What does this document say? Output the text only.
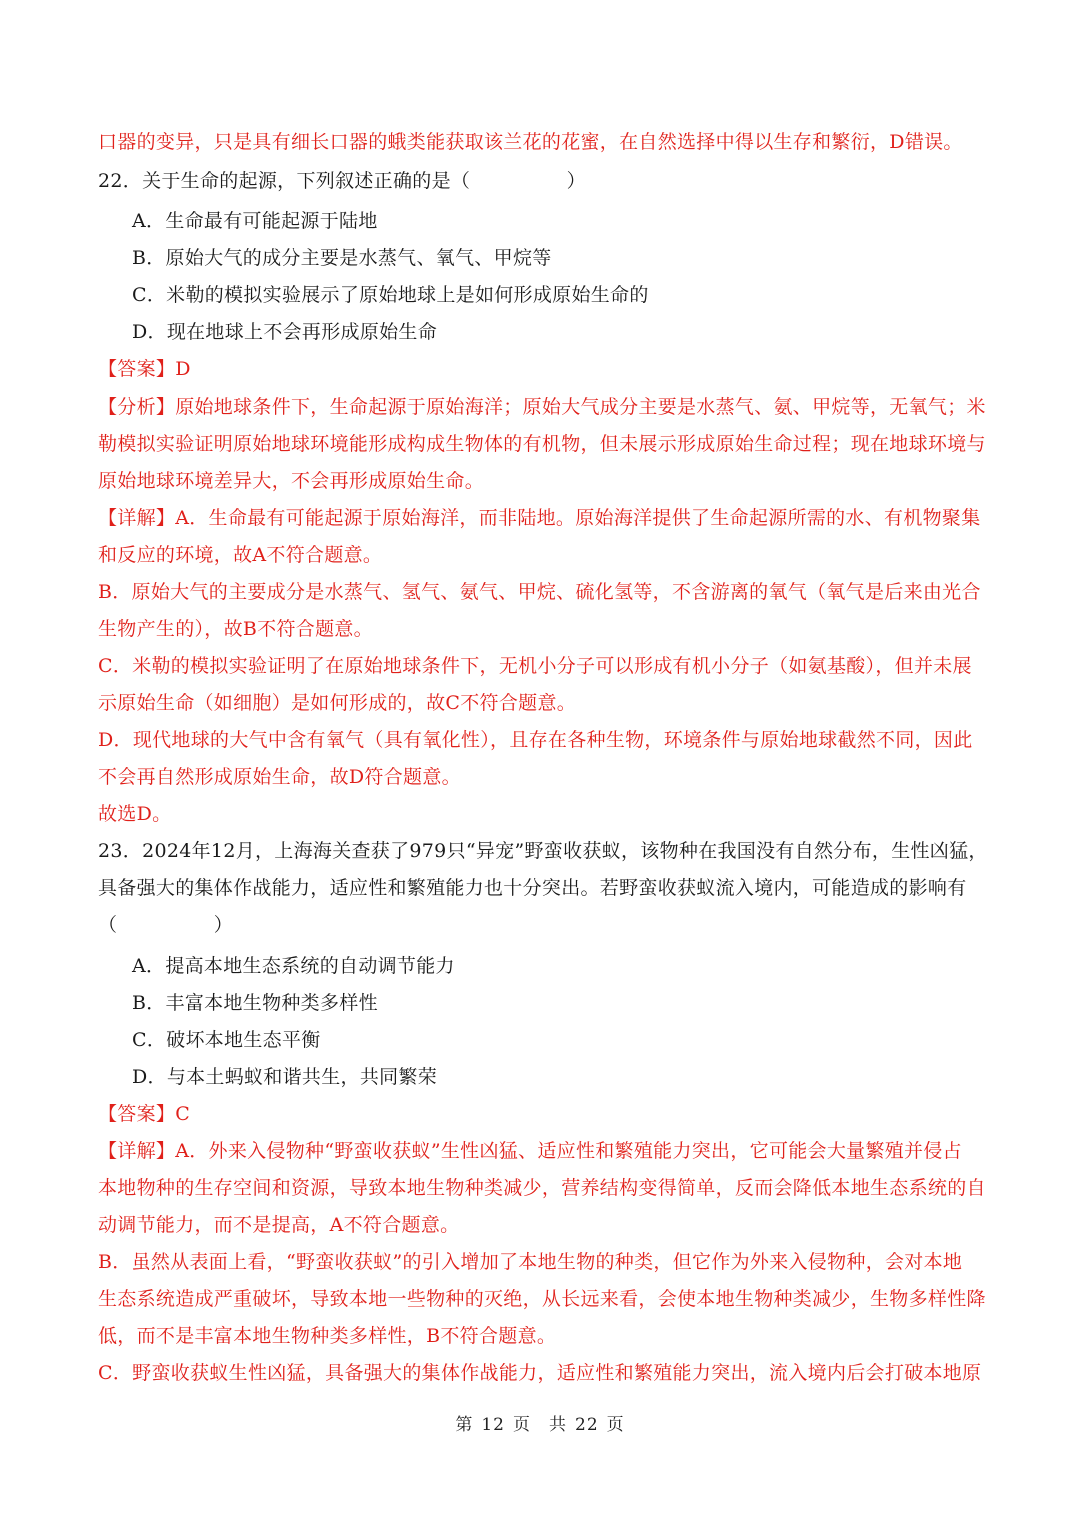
口器的变异，只是具有细长口器的蛾类能获取该兰花的花蜜，在自然选择中得以生存和繁衍，D错误。
22．关于生命的起源，下列叙述正确的是（　　　　　）
A．生命最有可能起源于陆地
B．原始大气的成分主要是水蒸气、氧气、甲烷等
C．米勒的模拟实验展示了原始地球上是如何形成原始生命的
D．现在地球上不会再形成原始生命
【答案】D
【分析】原始地球条件下，生命起源于原始海洋；原始大气成分主要是水蒸气、氨、甲烷等，无氧气；米
勒模拟实验证明原始地球环境能形成构成生物体的有机物，但未展示形成原始生命过程；现在地球环境与
原始地球环境差异大，不会再形成原始生命。
【详解】A．生命最有可能起源于原始海洋，而非陆地。原始海洋提供了生命起源所需的水、有机物聚集
和反应的环境，故A不符合题意。
B．原始大气的主要成分是水蒸气、氢气、氨气、甲烷、硫化氢等，不含游离的氧气（氧气是后来由光合
生物产生的），故B不符合题意。
C．米勒的模拟实验证明了在原始地球条件下，无机小分子可以形成有机小分子（如氨基酸），但并未展
示原始生命（如细胞）是如何形成的，故C不符合题意。
D．现代地球的大气中含有氧气（具有氧化性），且存在各种生物，环境条件与原始地球截然不同，因此
不会再自然形成原始生命，故D符合题意。
故选D。
23．2024年12月，上海海关查获了979只“异宠”野蛮收获蚁，该物种在我国没有自然分布，生性凶猛，
具备强大的集体作战能力，适应性和繁殖能力也十分突出。若野蛮收获蚁流入境内，可能造成的影响有
（　　　　　）
A．提高本地生态系统的自动调节能力
B．丰富本地生物种类多样性
C．破坏本地生态平衡
D．与本土蚂蚁和谐共生，共同繁荣
【答案】C
【详解】A．外来入侵物种“野蛮收获蚁”生性凶猛、适应性和繁殖能力突出，它可能会大量繁殖并侵占
本地物种的生存空间和资源，导致本地生物种类减少，营养结构变得简单，反而会降低本地生态系统的自
动调节能力，而不是提高，A不符合题意。
B．虽然从表面上看，“野蛮收获蚁”的引入增加了本地生物的种类，但它作为外来入侵物种，会对本地
生态系统造成严重破坏，导致本地一些物种的灭绝，从长远来看，会使本地生物种类减少，生物多样性降
低，而不是丰富本地生物种类多样性，B不符合题意。
C．野蛮收获蚁生性凶猛，具备强大的集体作战能力，适应性和繁殖能力突出，流入境内后会打破本地原
第 12 页　共 22 页
